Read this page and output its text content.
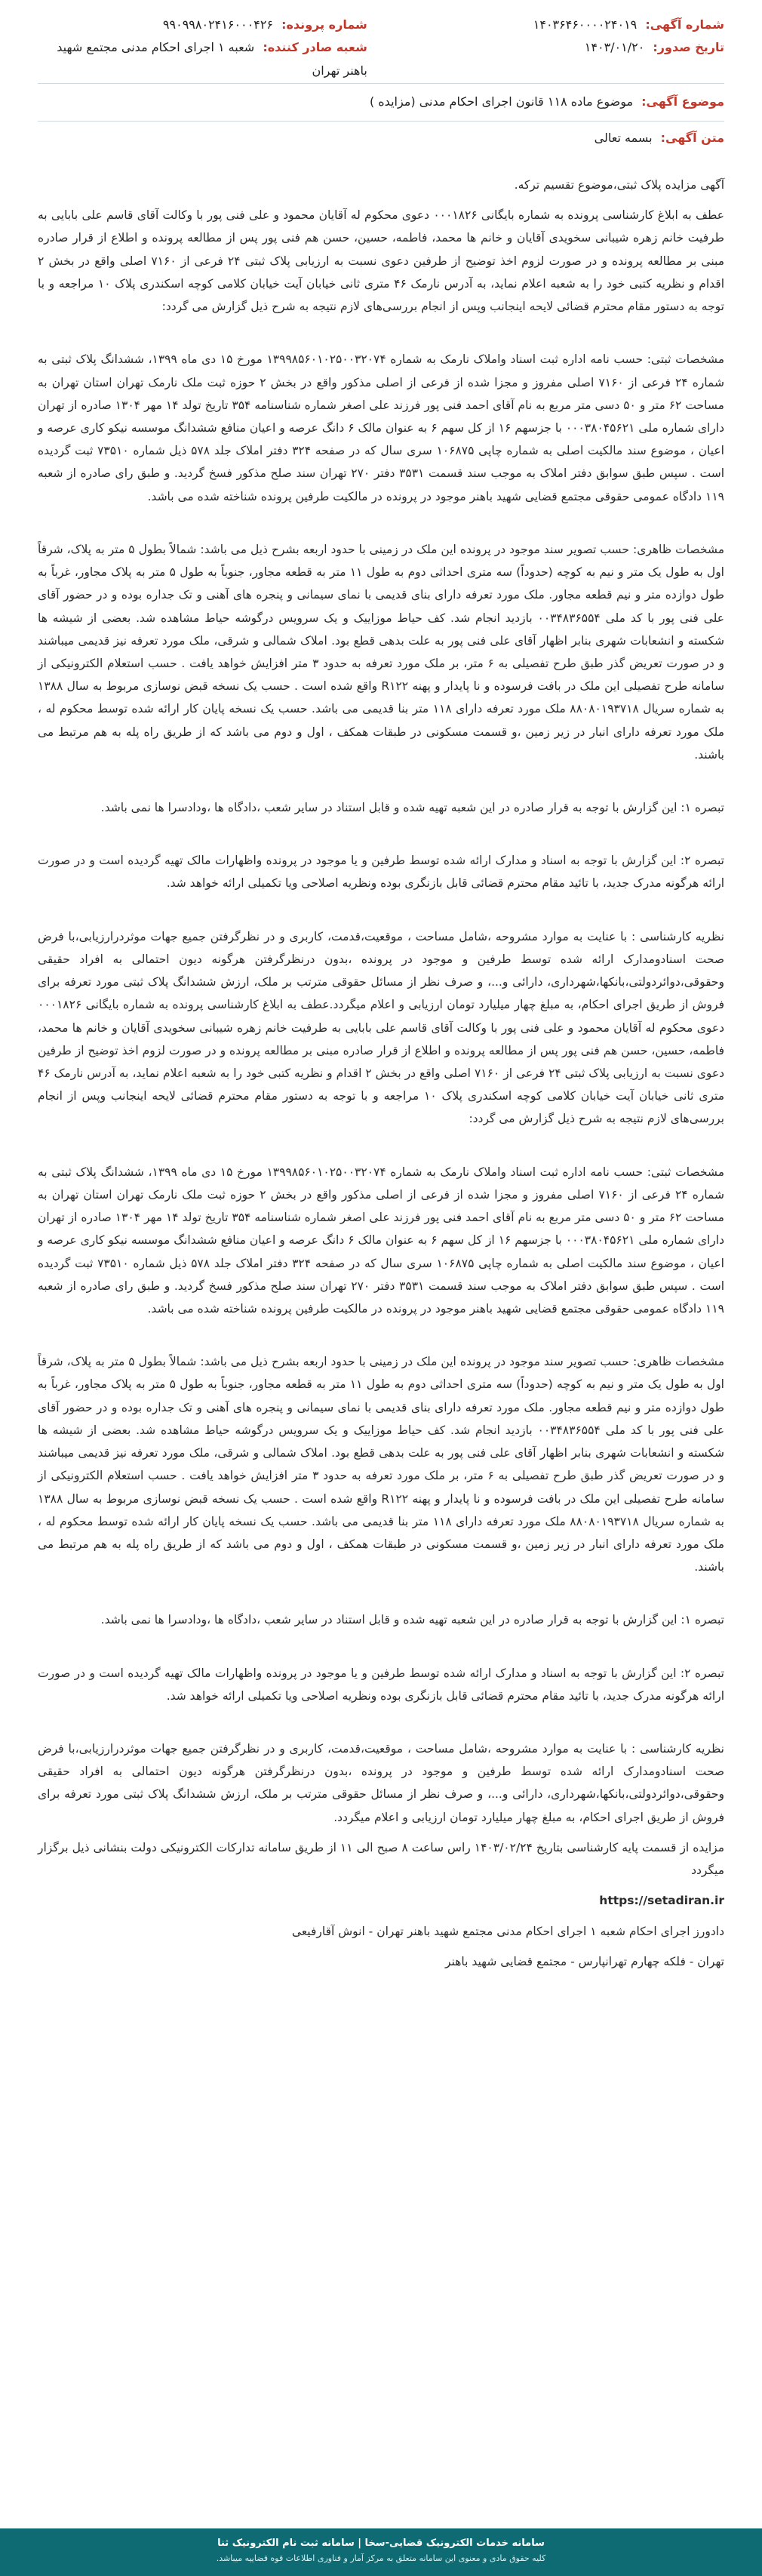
شماره آگهی: ۱۴۰۳۶۴۶۰۰۰۰۲۴۰۱۹
شماره پرونده: ۹۹۰۹۹۸۰۲۴۱۶۰۰۰۴۲۶
تاریخ صدور: ۱۴۰۳/۰۱/۲۰
شعبه صادر کننده: شعبه ۱ اجرای احکام مدنی مجتمع شهید باهنر تهران
موضوع آگهی: موضوع ماده ۱۱۸ قانون اجرای احکام مدنی (مزایده )
متن آگهی: بسمه تعالی

آگهی مزایده پلاک ثبتی،موضوع تقسیم ترکه.

عطف به ابلاغ کارشناسی پرونده به شماره بایگانی ۰۰۰۱۸۲۶ دعوی محکوم له آقایان محمود و علی فنی پور با وکالت آقای قاسم علی بابایی به طرفیت خانم زهره شیبانی سخویدی آقایان و خانم ها محمد، فاطمه، حسین، حسن هم فنی پور پس از مطالعه پرونده و اطلاع از قرار صادره مبنی بر مطالعه پرونده و در صورت لزوم اخذ توضیح از طرفین دعوی نسبت به ارزیابی پلاک ثبتی ۲۴ فرعی از ۷۱۶۰ اصلی واقع در بخش ۲ اقدام و نظریه کتبی خود را به شعبه اعلام نماید، به آدرس نارمک ۴۶ متری ثانی خیابان آیت خیابان کلامی کوچه اسکندری پلاک ۱۰ مراجعه و با توجه به دستور مقام محترم قضائی لایحه اینجانب وپس از انجام بررسی‌های لازم نتیجه به شرح ذیل گزارش می گردد:

مشخصات ثبتی: حسب نامه اداره ثبت اسناد واملاک نارمک به شماره ۱۳۹۹۸۵۶۰۱۰۲۵۰۰۳۲۰۷۴ مورخ ۱۵ دی ماه ۱۳۹۹، ششدانگ پلاک ثبتی به شماره ۲۴ فرعی از ۷۱۶۰ اصلی مفروز و مجزا شده از فرعی از اصلی مذکور واقع در بخش ۲ حوزه ثبت ملک نارمک تهران استان تهران به مساحت ۶۲ متر و ۵۰ دسی متر مربع به نام آقای احمد فنی پور فرزند علی اصغر شماره شناسنامه ۳۵۴ تاریخ تولد ۱۴ مهر ۱۳۰۴ صادره از تهران دارای شماره ملی ۰۰۰۳۸۰۴۵۶۲۱ با جزسهم ۱۶ از کل سهم ۶ به عنوان مالک ۶ دانگ عرصه و اعیان منافع ششدانگ موسسه نیکو کاری عرصه و اعیان ، موضوع سند مالکیت اصلی به شماره چاپی ۱۰۶۸۷۵ سری سال که در صفحه ۳۲۴ دفتر املاک جلد ۵۷۸ ذیل شماره ۷۳۵۱۰ ثبت گردیده است . سپس طبق سوابق دفتر املاک به موجب سند قسمت ۳۵۳۱ دفتر ۲۷۰ تهران سند صلح مذکور فسخ گردید. و طبق رای صادره از شعبه ۱۱۹ دادگاه عمومی حقوقی مجتمع قضایی شهید باهنر موجود در پرونده در مالکیت طرفین پرونده شناخته شده می باشد.

مشخصات ظاهری: حسب تصویر سند موجود در پرونده این ملک در زمینی با حدود اربعه بشرح ذیل می باشد: شمالاً بطول ۵ متر به پلاک، شرقاً اول به طول یک متر و نیم به کوچه (حدوداً) سه متری احداثی دوم به طول ۱۱ متر به قطعه مجاور، جنوباً به طول ۵ متر به پلاک مجاور، غرباً به طول دوازده متر و نیم قطعه مجاور. ملک مورد تعرفه دارای بنای قدیمی با نمای سیمانی و پنجره های آهنی و تک جداره بوده و در حضور آقای علی فنی پور با کد ملی ۰۰۳۴۸۳۶۵۵۴ بازدید انجام شد. کف حیاط موزاییک و یک سرویس درگوشه حیاط مشاهده شد. بعضی از شیشه ها شکسته و انشعابات شهری بنابر اظهار آقای علی فنی پور به علت بدهی قطع بود. املاک شمالی و شرقی، ملک مورد تعرفه نیز قدیمی میباشند و در صورت تعریض گذر طبق طرح تفصیلی به ۶ متر، بر ملک مورد تعرفه به حدود ۳ متر افزایش خواهد یافت . حسب استعلام الکترونیکی از سامانه طرح تفصیلی این ملک در بافت فرسوده و نا پایدار و پهنه R۱۲۲ واقع شده است . حسب یک نسخه قبض نوسازی مربوط به سال ۱۳۸۸ به شماره سریال ۸۸۰۸۰۱۹۳۷۱۸ ملک مورد تعرفه دارای ۱۱۸ متر بنا قدیمی می باشد. حسب یک نسخه پایان کار ارائه شده توسط محکوم له ، ملک مورد تعرفه دارای انبار در زیر زمین ،و قسمت مسکونی در طبقات همکف ، اول و دوم می باشد که از طریق راه پله به هم مرتبط می باشند.

تبصره ۱: این گزارش با توجه به قرار صادره در این شعبه تهیه شده و قابل استناد در سایر شعب ،دادگاه ها ،ودادسرا ها نمی باشد.

تبصره ۲: این گزارش با توجه به اسناد و مدارک ارائه شده توسط طرفین و یا موجود در پرونده واظهارات مالک تهیه گردیده است و در صورت ارائه هرگونه مدرک جدید، با تائید مقام محترم قضائی قابل بازنگری بوده ونظریه اصلاحی ویا تکمیلی ارائه خواهد شد.

نظریه کارشناسی : با عنایت به موارد مشروحه ،شامل مساحت ، موقعیت،قدمت، کاربری و در نظرگرفتن جمیع جهات موثردرارزیابی،با فرض صحت اسنادومدارک ارائه شده توسط طرفین و موجود در پرونده ،بدون درنظرگرفتن هرگونه دیون احتمالی به افراد حقیقی وحقوقی،دوائردولتی،بانکها،شهرداری، دارائی و...، و صرف نظر از مسائل حقوقی مترتب بر ملک، ارزش ششدانگ پلاک ثبتی مورد تعرفه برای فروش از طریق اجرای احکام، به مبلغ چهار میلیارد تومان ارزیابی و اعلام میگردد.عطف به ابلاغ کارشناسی پرونده به شماره بایگانی ۰۰۰۱۸۲۶ دعوی محکوم له آقایان محمود و علی فنی پور با وکالت آقای قاسم علی بابایی به طرفیت خانم زهره شیبانی سخویدی آقایان و خانم ها محمد، فاطمه، حسین، حسن هم فنی پور پس از مطالعه پرونده و اطلاع از قرار صادره مبنی بر مطالعه پرونده و در صورت لزوم اخذ توضیح از طرفین دعوی نسبت به ارزیابی پلاک ثبتی ۲۴ فرعی از ۷۱۶۰ اصلی واقع در بخش ۲ اقدام و نظریه کتبی خود را به شعبه اعلام نماید، به آدرس نارمک ۴۶ متری ثانی خیابان آیت خیابان کلامی کوچه اسکندری پلاک ۱۰ مراجعه و با توجه به دستور مقام محترم قضائی لایحه اینجانب وپس از انجام بررسی‌های لازم نتیجه به شرح ذیل گزارش می گردد:

مشخصات ثبتی: حسب نامه اداره ثبت اسناد واملاک نارمک به شماره ۱۳۹۹۸۵۶۰۱۰۲۵۰۰۳۲۰۷۴ مورخ ۱۵ دی ماه ۱۳۹۹، ششدانگ پلاک ثبتی به شماره ۲۴ فرعی از ۷۱۶۰ اصلی مفروز و مجزا شده از فرعی از اصلی مذکور واقع در بخش ۲ حوزه ثبت ملک نارمک تهران استان تهران به مساحت ۶۲ متر و ۵۰ دسی متر مربع به نام آقای احمد فنی پور فرزند علی اصغر شماره شناسنامه ۳۵۴ تاریخ تولد ۱۴ مهر ۱۳۰۴ صادره از تهران دارای شماره ملی ۰۰۰۳۸۰۴۵۶۲۱ با جزسهم ۱۶ از کل سهم ۶ به عنوان مالک ۶ دانگ عرصه و اعیان منافع ششدانگ موسسه نیکو کاری عرصه و اعیان ، موضوع سند مالکیت اصلی به شماره چاپی ۱۰۶۸۷۵ سری سال که در صفحه ۳۲۴ دفتر املاک جلد ۵۷۸ ذیل شماره ۷۳۵۱۰ ثبت گردیده است . سپس طبق سوابق دفتر املاک به موجب سند قسمت ۳۵۳۱ دفتر ۲۷۰ تهران سند صلح مذکور فسخ گردید. و طبق رای صادره از شعبه ۱۱۹ دادگاه عمومی حقوقی مجتمع قضایی شهید باهنر موجود در پرونده در مالکیت طرفین پرونده شناخته شده می باشد.

مشخصات ظاهری: حسب تصویر سند موجود در پرونده این ملک در زمینی با حدود اربعه بشرح ذیل می باشد: شمالاً بطول ۵ متر به پلاک، شرقاً اول به طول یک متر و نیم به کوچه (حدوداً) سه متری احداثی دوم به طول ۱۱ متر به قطعه مجاور، جنوباً به طول ۵ متر به پلاک مجاور، غرباً به طول دوازده متر و نیم قطعه مجاور. ملک مورد تعرفه دارای بنای قدیمی با نمای سیمانی و پنجره های آهنی و تک جداره بوده و در حضور آقای علی فنی پور با کد ملی ۰۰۳۴۸۳۶۵۵۴ بازدید انجام شد. کف حیاط موزاییک و یک سرویس درگوشه حیاط مشاهده شد. بعضی از شیشه ها شکسته و انشعابات شهری بنابر اظهار آقای علی فنی پور به علت بدهی قطع بود. املاک شمالی و شرقی، ملک مورد تعرفه نیز قدیمی میباشند و در صورت تعریض گذر طبق طرح تفصیلی به ۶ متر، بر ملک مورد تعرفه به حدود ۳ متر افزایش خواهد یافت . حسب استعلام الکترونیکی از سامانه طرح تفصیلی این ملک در بافت فرسوده و نا پایدار و پهنه R۱۲۲ واقع شده است . حسب یک نسخه قبض نوسازی مربوط به سال ۱۳۸۸ به شماره سریال ۸۸۰۸۰۱۹۳۷۱۸ ملک مورد تعرفه دارای ۱۱۸ متر بنا قدیمی می باشد. حسب یک نسخه پایان کار ارائه شده توسط محکوم له ، ملک مورد تعرفه دارای انبار در زیر زمین ،و قسمت مسکونی در طبقات همکف ، اول و دوم می باشد که از طریق راه پله به هم مرتبط می باشند.

تبصره ۱: این گزارش با توجه به قرار صادره در این شعبه تهیه شده و قابل استناد در سایر شعب ،دادگاه ها ،ودادسرا ها نمی باشد.

تبصره ۲: این گزارش با توجه به اسناد و مدارک ارائه شده توسط طرفین و یا موجود در پرونده واظهارات مالک تهیه گردیده است و در صورت ارائه هرگونه مدرک جدید، با تائید مقام محترم قضائی قابل بازنگری بوده ونظریه اصلاحی ویا تکمیلی ارائه خواهد شد.

نظریه کارشناسی : با عنایت به موارد مشروحه ،شامل مساحت ، موقعیت،قدمت، کاربری و در نظرگرفتن جمیع جهات موثردرارزیابی،با فرض صحت اسنادومدارک ارائه شده توسط طرفین و موجود در پرونده ،بدون درنظرگرفتن هرگونه دیون احتمالی به افراد حقیقی وحقوقی،دوائردولتی،بانکها،شهرداری، دارائی و...، و صرف نظر از مسائل حقوقی مترتب بر ملک، ارزش ششدانگ پلاک ثبتی مورد تعرفه برای فروش از طریق اجرای احکام، به مبلغ چهار میلیارد تومان ارزیابی و اعلام میگردد.

مزایده از قسمت پایه کارشناسی بتاریخ ۱۴۰۳/۰۲/۲۴ راس ساعت ۸ صبح الی ۱۱ از طریق سامانه تدارکات الکترونیکی دولت بنشانی ذیل برگزار میگردد

https://setadiran.ir

دادورز اجرای احکام شعبه ۱ اجرای احکام مدنی مجتمع شهید باهنر تهران - انوش آقارفیعی

تهران - فلکه چهارم تهرانپارس - مجتمع قضایی شهید باهنر

سامانه خدمات الکترونیک قضایی-سخا | سامانه ثبت نام الکترونیک ثنا
کلیه حقوق مادی و معنوی این سامانه متعلق به مرکز آمار و فناوری اطلاعات قوه قضاییه میباشد.
